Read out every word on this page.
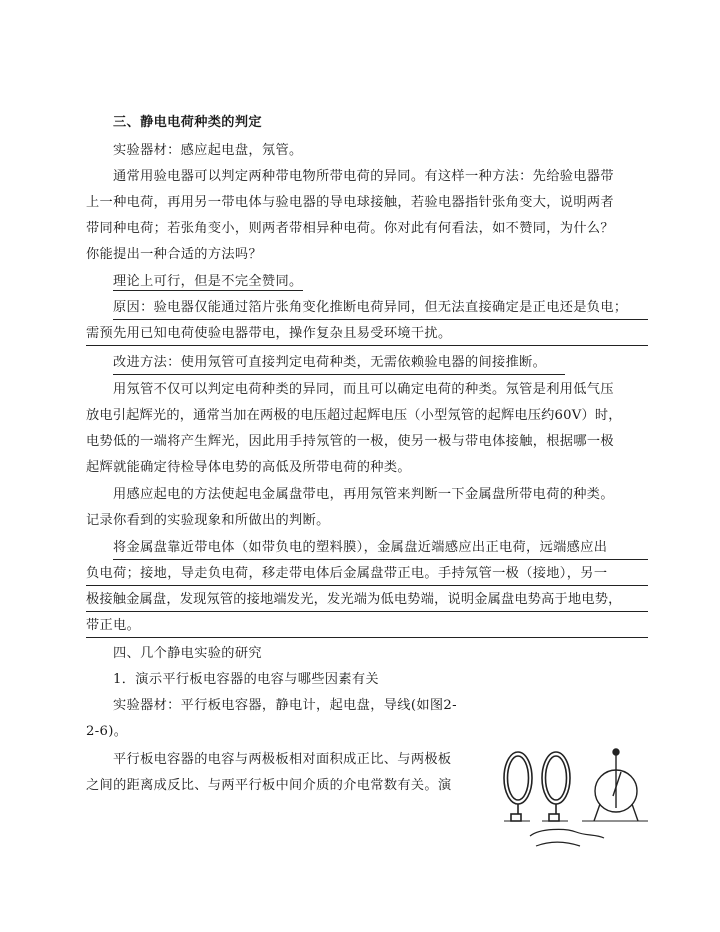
三、静电电荷种类的判定
实验器材：感应起电盘，氖管。
通常用验电器可以判定两种带电物所带电荷的异同。有这样一种方法：先给验电器带
上一种电荷，再用另一带电体与验电器的导电球接触，若验电器指针张角变大，说明两者
带同种电荷；若张角变小，则两者带相异种电荷。你对此有何看法，如不赞同，为什么？
你能提出一种合适的方法吗？
理论上可行，但是不完全赞同。
原因：验电器仅能通过箔片张角变化推断电荷异同，但无法直接确定是正电还是负电；
需预先用已知电荷使验电器带电，操作复杂且易受环境干扰。
改进方法：使用氖管可直接判定电荷种类，无需依赖验电器的间接推断。
用氖管不仅可以判定电荷种类的异同，而且可以确定电荷的种类。氖管是利用低气压
放电引起辉光的，通常当加在两极的电压超过起辉电压（小型氖管的起辉电压约60V）时，
电势低的一端将产生辉光，因此用手持氖管的一极，使另一极与带电体接触，根据哪一极
起辉就能确定待检导体电势的高低及所带电荷的种类。
用感应起电的方法使起电金属盘带电，再用氖管来判断一下金属盘所带电荷的种类。
记录你看到的实验现象和所做出的判断。
将金属盘靠近带电体（如带负电的塑料膜），金属盘近端感应出正电荷，远端感应出
负电荷；接地，导走负电荷，移走带电体后金属盘带正电。手持氖管一极（接地），另一
极接触金属盘，发现氖管的接地端发光，发光端为低电势端，说明金属盘电势高于地电势，
带正电。
四、几个静电实验的研究
1．演示平行板电容器的电容与哪些因素有关
实验器材：平行板电容器，静电计，起电盘，导线(如图2-
2-6)。
平行板电容器的电容与两极板相对面积成正比、与两极板
之间的距离成反比、与两平行板中间介质的介电常数有关。演
